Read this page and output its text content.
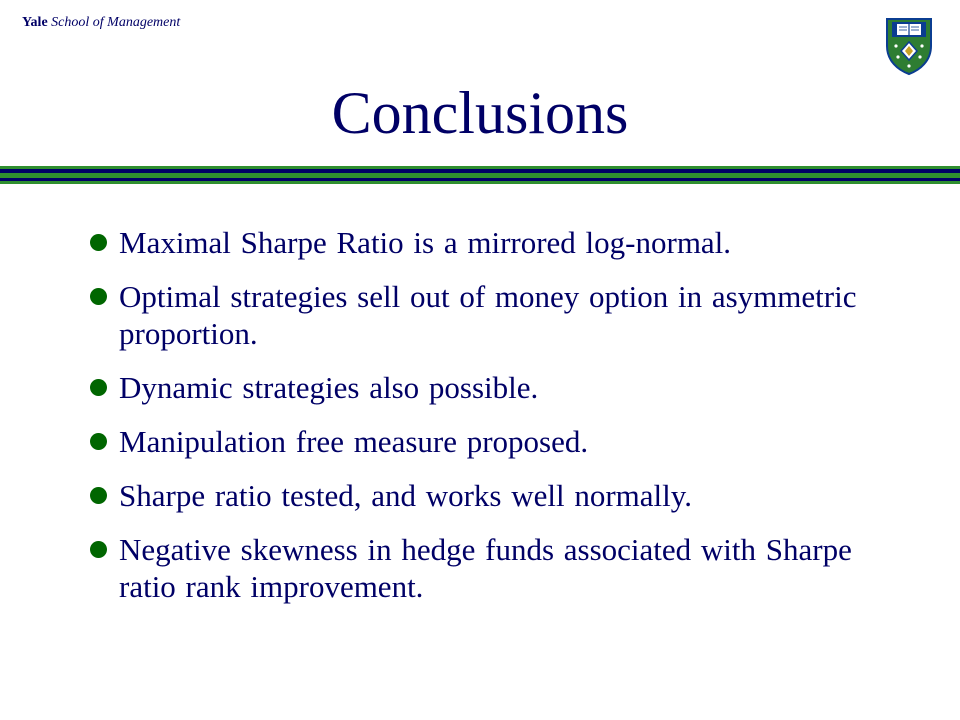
Yale School of Management
Conclusions
Maximal Sharpe Ratio is a mirrored log-normal.
Optimal strategies sell out of money option in asymmetric proportion.
Dynamic strategies also possible.
Manipulation free measure proposed.
Sharpe ratio tested, and works well normally.
Negative skewness in hedge funds associated with Sharpe ratio rank improvement.
